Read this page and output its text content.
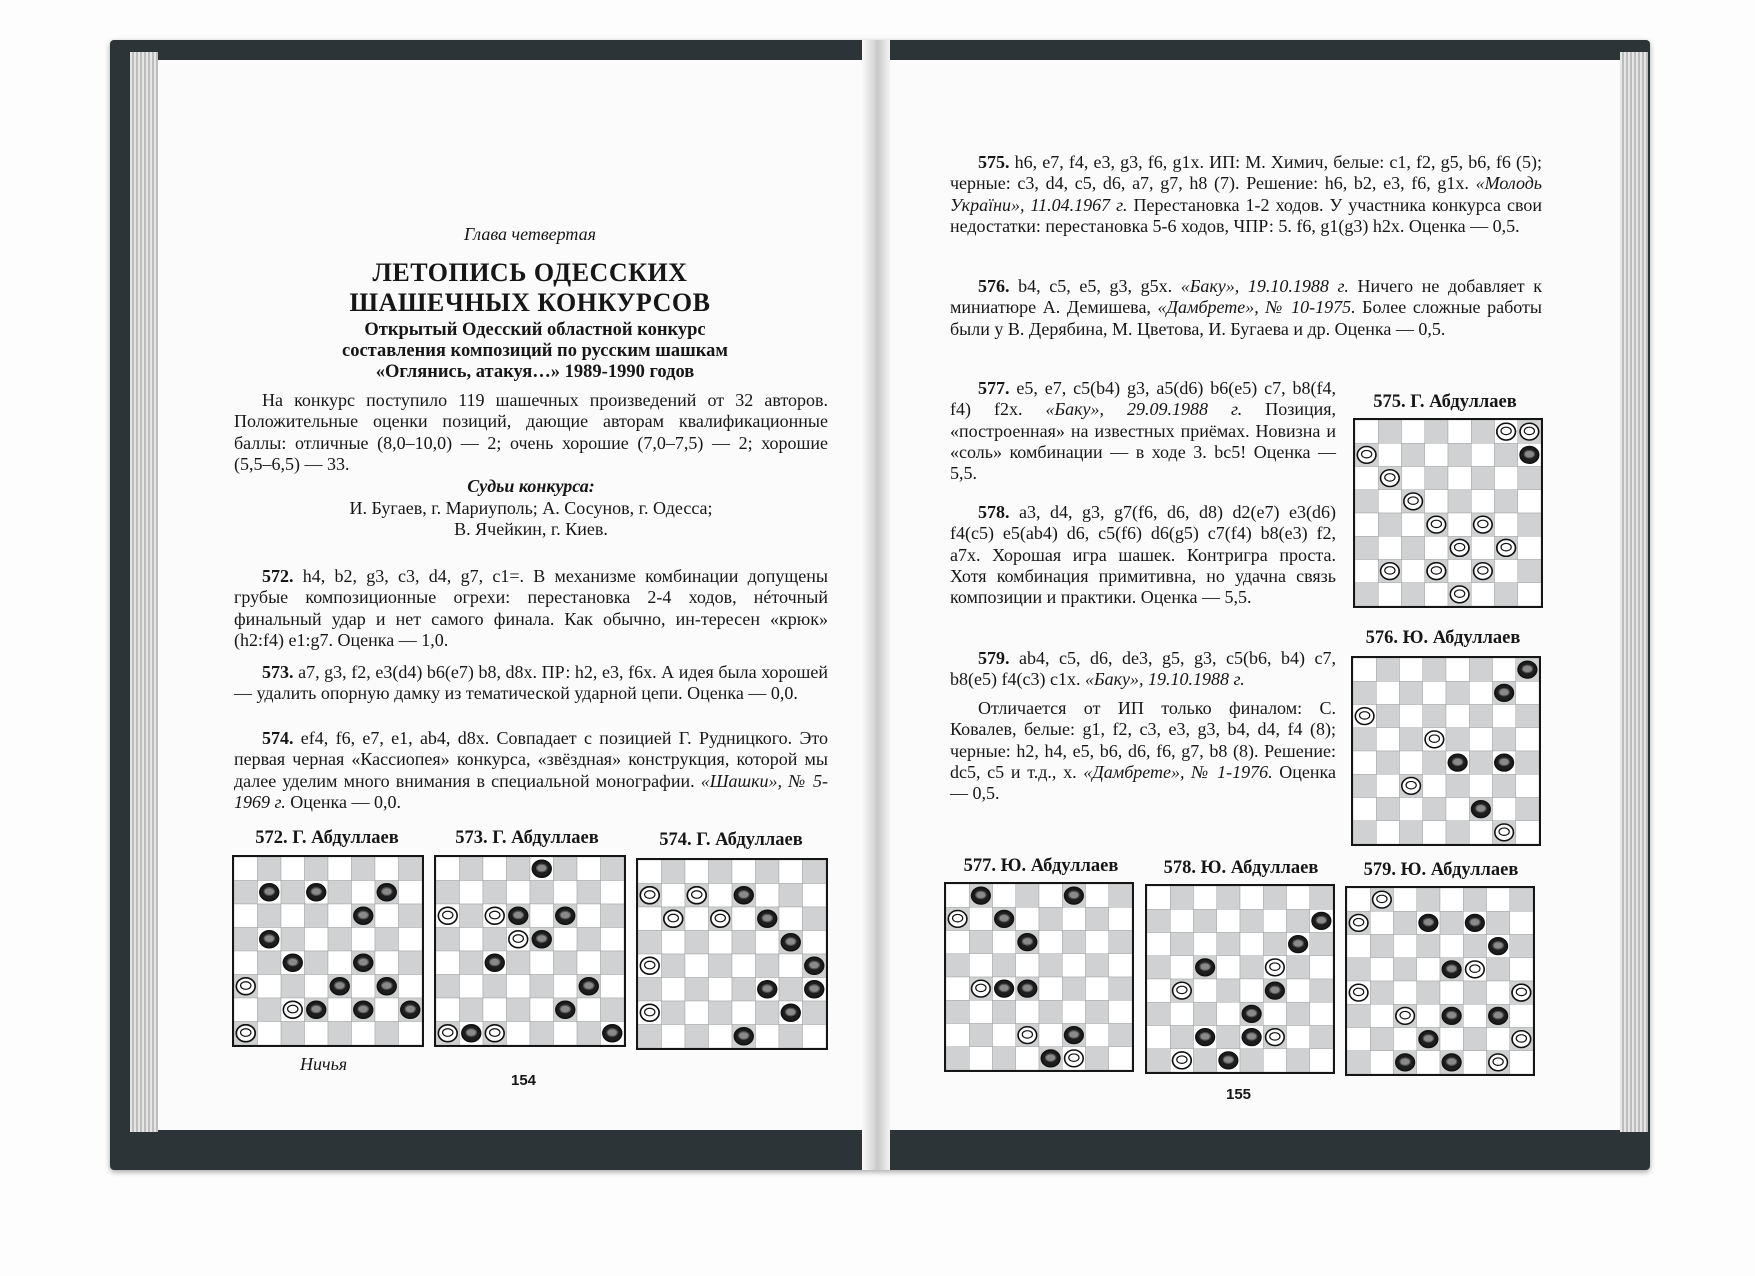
Глава четвертая
ЛЕТОПИСЬ ОДЕССКИХ
ШАШЕЧНЫХ КОНКУРСОВ
Открытый Одесский областной конкурс
составления композиций по русским шашкам
«Оглянись, атакуя…» 1989-1990 годов
На конкурс поступило 119 шашечных произведений от 32 авторов. Положительные оценки позиций, дающие авторам квалификационные баллы: отличные (8,0–10,0) — 2; очень хорошие (7,0–7,5) — 2; хорошие (5,5–6,5) — 33.
Судьи конкурса:
И. Бугаев, г. Мариуполь; А. Сосунов, г. Одесса;
В. Ячейкин, г. Киев.
572. h4, b2, g3, c3, d4, g7, c1=. В механизме комбинации допущены грубые композиционные огрехи: перестановка 2-4 ходов, нéточный финальный удар и нет самого финала. Как обычно, ин-тересен «крюк» (h2:f4) e1:g7. Оценка — 1,0.
573. a7, g3, f2, e3(d4) b6(e7) b8, d8x. ПР: h2, e3, f6x. А идея была хорошей — удалить опорную дамку из тематической ударной цепи. Оценка — 0,0.
574. ef4, f6, e7, e1, ab4, d8x. Совпадает с позицией Г. Рудницкого. Это первая черная «Кассиопея» конкурса, «звёздная» конструкция, которой мы далее уделим много внимания в специальной монографии. «Шашки», № 5-1969 г. Оценка — 0,0.
572. Г. Абдуллаев	573. Г. Абдуллаев	574. Г. Абдуллаев
Ничья
154
575. h6, e7, f4, e3, g3, f6, g1x. ИП: М. Химич, белые: c1, f2, g5, b6, f6 (5); черные: c3, d4, c5, d6, a7, g7, h8 (7). Решение: h6, b2, e3, f6, g1x. «Молодь України», 11.04.1967 г. Перестановка 1-2 ходов. У участника конкурса свои недостатки: перестановка 5-6 ходов, ЧПР: 5. f6, g1(g3) h2x. Оценка — 0,5.
576. b4, c5, e5, g3, g5x. «Баку», 19.10.1988 г. Ничего не добавляет к миниатюре А. Демишева, «Дамбрете», № 10-1975. Более сложные работы были у В. Дерябина, М. Цветова, И. Бугаева и др. Оценка — 0,5.
577. e5, e7, c5(b4) g3, a5(d6) b6(e5) c7, b8(f4, f4) f2x. «Баку», 29.09.1988 г. Позиция, «построенная» на известных приёмах. Новизна и «соль» комбинации — в ходе 3. bc5! Оценка — 5,5.
578. a3, d4, g3, g7(f6, d6, d8) d2(e7) e3(d6) f4(c5) e5(ab4) d6, c5(f6) d6(g5) c7(f4) b8(e3) f2, a7x. Хорошая игра шашек. Контригра проста. Хотя комбинация примитивна, но удачна связь композиции и практики. Оценка — 5,5.
579. ab4, c5, d6, de3, g5, g3, c5(b6, b4) c7, b8(e5) f4(c3) c1x. «Баку», 19.10.1988 г.
Отличается от ИП только финалом: С. Ковалев, белые: g1, f2, c3, e3, g3, b4, d4, f4 (8); черные: h2, h4, e5, b6, d6, f6, g7, b8 (8). Решение: dc5, c5 и т.д., x. «Дамбрете», № 1-1976. Оценка — 0,5.
575. Г. Абдуллаев
576. Ю. Абдуллаев
577. Ю. Абдуллаев	578. Ю. Абдуллаев	579. Ю. Абдуллаев
155
